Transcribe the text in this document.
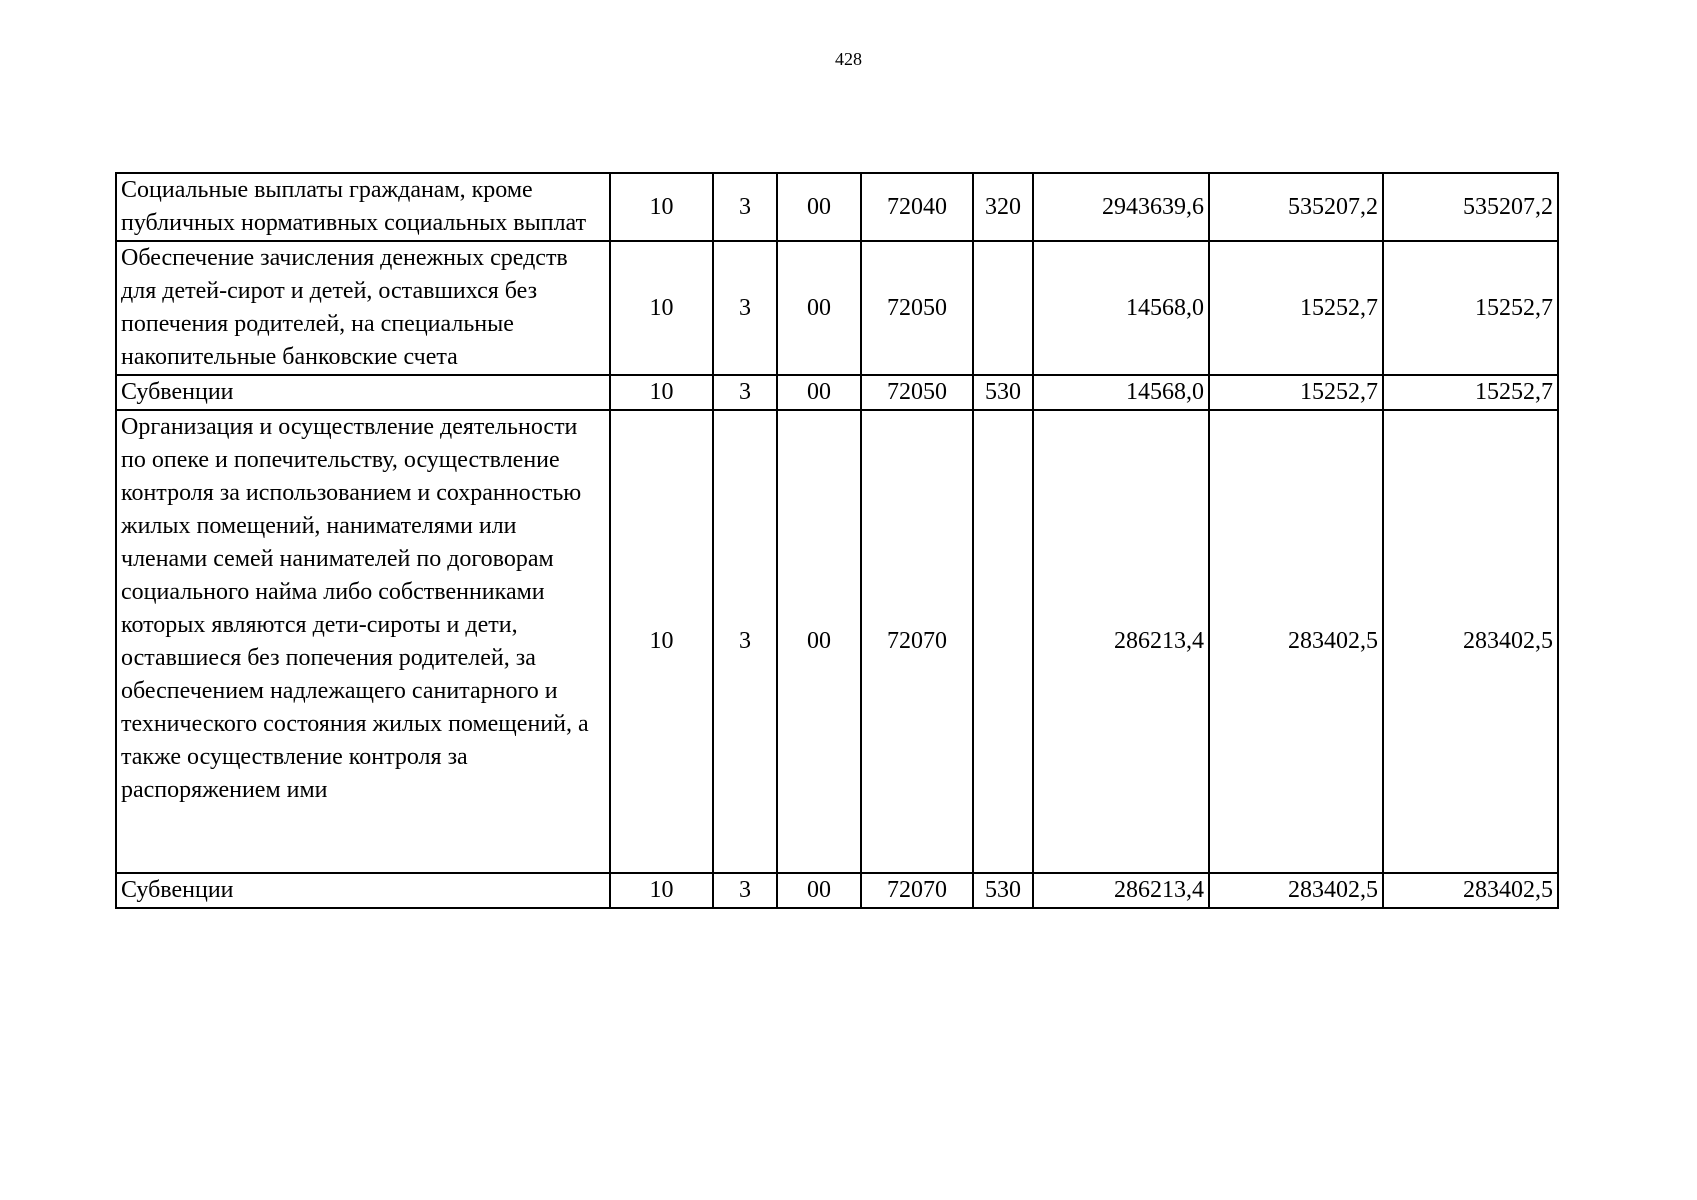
428
Социальные выплаты гражданам, кроме публичных нормативных социальных выплат	10	3	00	72040	320	2943639,6	535207,2	535207,2
Обеспечение зачисления денежных средств для детей-сирот и детей, оставшихся без попечения родителей, на специальные накопительные банковские счета	10	3	00	72050		14568,0	15252,7	15252,7
Субвенции	10	3	00	72050	530	14568,0	15252,7	15252,7
Организация и осуществление деятельности по опеке и попечительству, осуществление контроля за использованием и сохранностью жилых помещений, нанимателями или членами семей нанимателей по договорам социального найма либо собственниками которых являются дети-сироты и дети, оставшиеся без попечения родителей, за обеспечением надлежащего санитарного и технического состояния жилых помещений, а также осуществление контроля за распоряжением ими	10	3	00	72070		286213,4	283402,5	283402,5
Субвенции	10	3	00	72070	530	286213,4	283402,5	283402,5
